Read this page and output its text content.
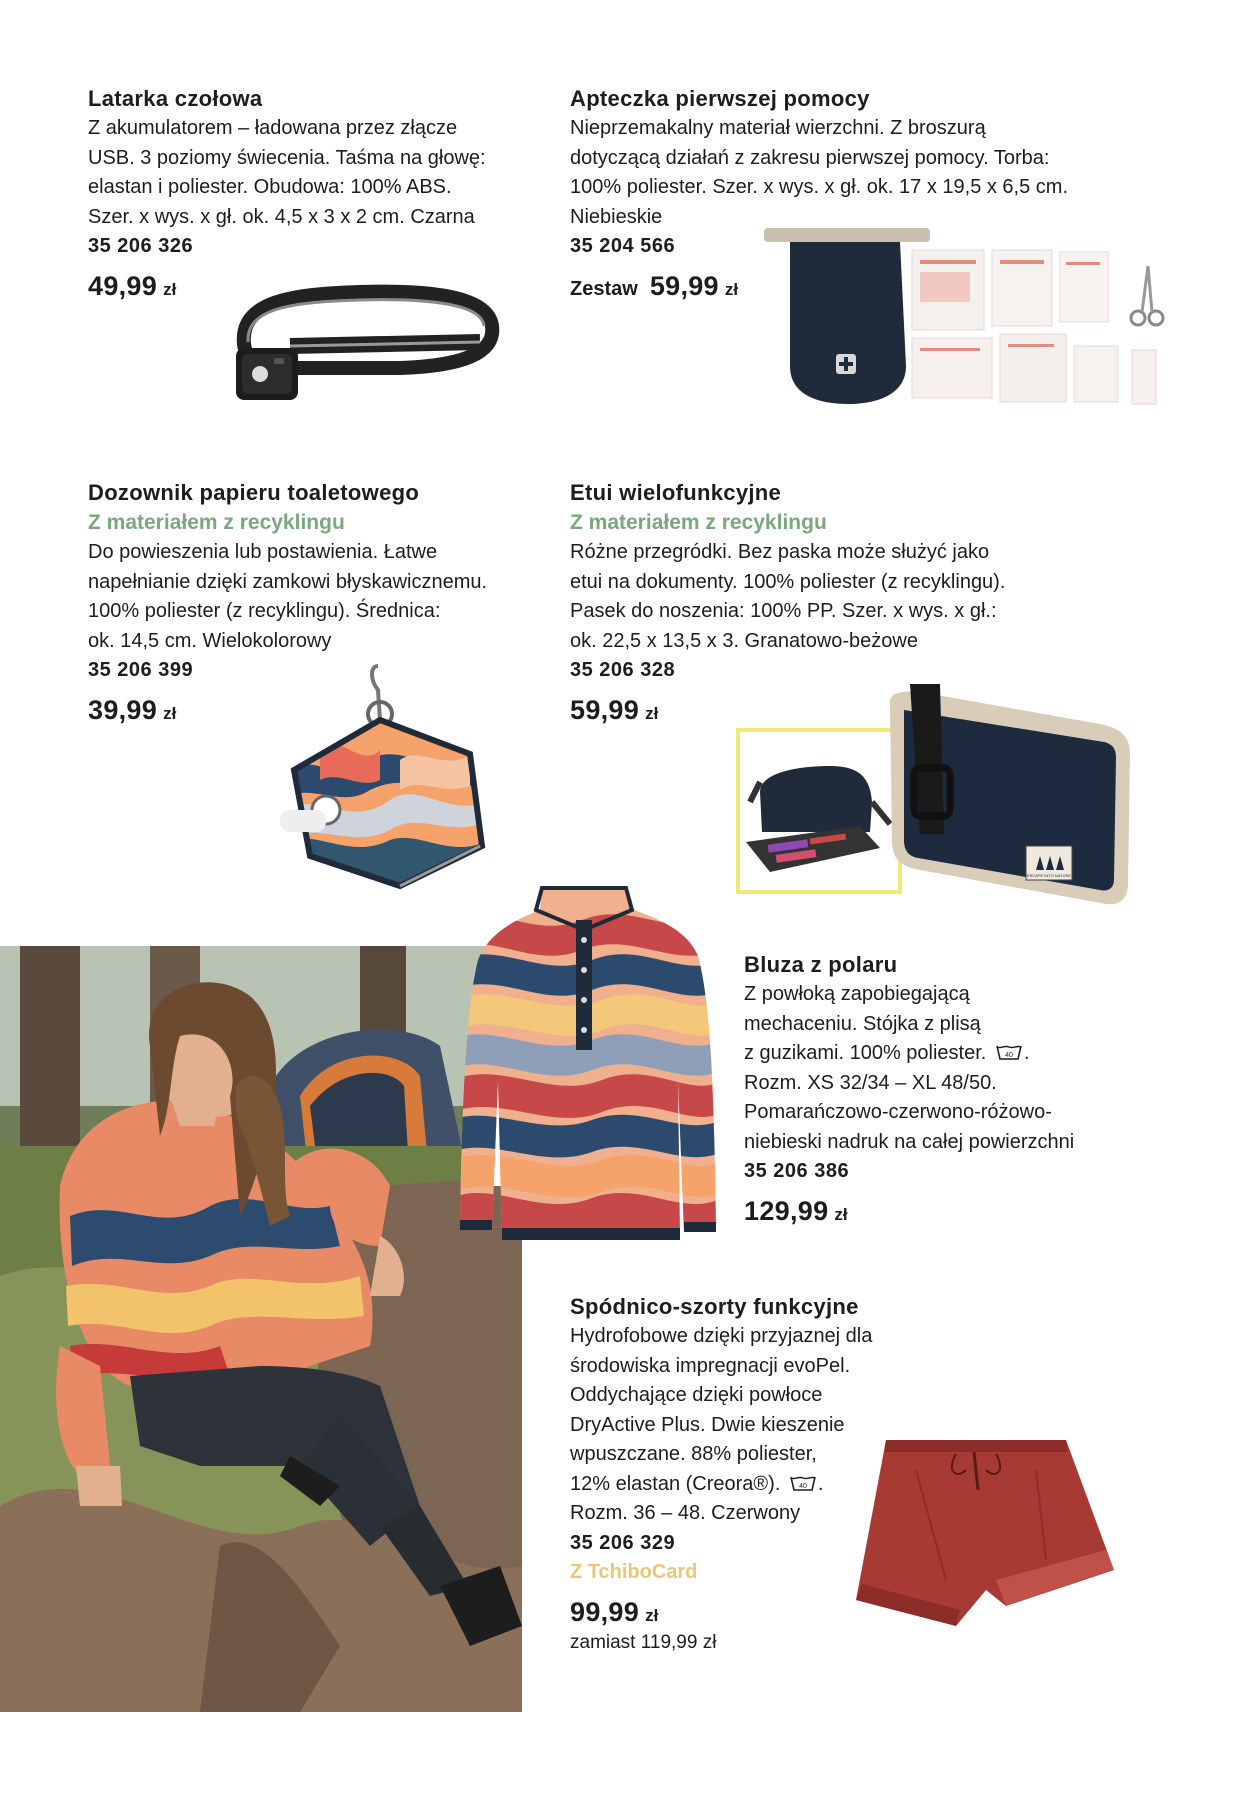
Latarka czołowa
Z akumulatorem – ładowana przez złącze
USB. 3 poziomy świecenia. Taśma na głowę:
elastan i poliester. Obudowa: 100% ABS.
Szer. x wys. x gł. ok. 4,5 x 3 x 2 cm. Czarna
35 206 326
49,99 zł
Apteczka pierwszej pomocy
Nieprzemakalny materiał wierzchni. Z broszurą
dotyczącą działań z zakresu pierwszej pomocy. Torba:
100% poliester. Szer. x wys. x gł. ok. 17 x 19,5 x 6,5 cm.
Niebieskie
35 204 566
Zestaw 59,99 zł
Dozownik papieru toaletowego
Z materiałem z recyklingu
Do powieszenia lub postawienia. Łatwe
napełnianie dzięki zamkowi błyskawicznemu.
100% poliester (z recyklingu). Średnica:
ok. 14,5 cm. Wielokolorowy
35 206 399
39,99 zł
Etui wielofunkcyjne
Z materiałem z recyklingu
Różne przegródki. Bez paska może służyć jako
etui na dokumenty. 100% poliester (z recyklingu).
Pasek do noszenia: 100% PP. Szer. x wys. x gł.:
ok. 22,5 x 13,5 x 3. Granatowo-beżowe
35 206 328
59,99 zł
ESCAPE INTO NATURE
Bluza z polaru
Z powłoką zapobiegającą
mechaceniu. Stójka z plisą
z guzikami. 100% poliester.	40 .
Rozm. XS 32/34 – XL 48/50.
Pomarańczowo-czerwono-różowo-
niebieski nadruk na całej powierzchni
35 206 386
129,99 zł
Spódnico-szorty funkcyjne
Hydrofobowe dzięki przyjaznej dla
środowiska impregnacji evoPel.
Oddychające dzięki powłoce
DryActive Plus. Dwie kieszenie
wpuszczane. 88% poliester,
12% elastan (Creora®).	40 .
Rozm. 36 – 48. Czerwony
35 206 329
Z TchiboCard
99,99 zł
zamiast 119,99 zł
